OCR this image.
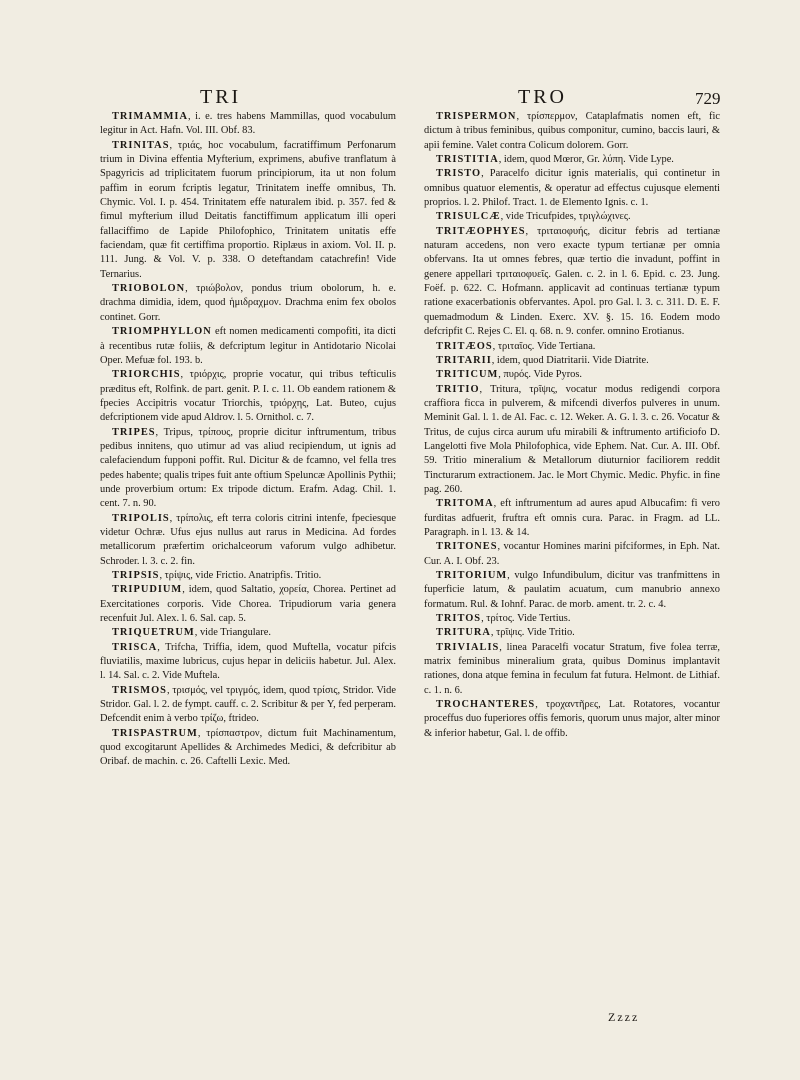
TRI	TRO	729

TRIMAMMIA, i. e. tres habens Mammillas, quod vocabulum legitur in Act. Hafn. Vol. III. Obf. 83.

TRINITAS, τριάς, hoc vocabulum, facratiffimum Perfonarum trium in Divina effentia Myfterium, exprimens, abufive tranflatum à Spagyricis ad triplicitatem fuorum principiorum, ita ut non folum paffim in eorum fcriptis legatur, Trinitatem ineffe omnibus, Th. Chymic. Vol. I. p. 454. Trinitatem effe naturalem ibid. p. 357. fed & fimul myfterium illud Deitatis fanctiffimum applicatum illi operi fallaciffimo de Lapide Philofophico, Trinitatem unitatis effe faciendam, quæ fit certiffima proportio. Riplæus in axiom. Vol. II. p. 111. Jung. & Vol. V. p. 338. O deteftandam catachrefin! Vide Ternarius.

TRIOBOLON, τριώβολον, pondus trium obolorum, h. e. drachma dimidia, idem, quod ἡμιδραχμον. Drachma enim fex obolos continet. Gorr.

TRIOMPHYLLON eft nomen medicamenti compofiti, ita dicti à recentibus rutæ foliis, & defcriptum legitur in Antidotario Nicolai Oper. Mefuæ fol. 193. b.

TRIORCHIS, τριόρχις, proprie vocatur, qui tribus tefticulis præditus eft, Rolfink. de part. genit. P. I. c. 11. Ob eandem rationem & fpecies Accipitris vocatur Triorchis, τριόρχης, Lat. Buteo, cujus defcriptionem vide apud Aldrov. l. 5. Ornithol. c. 7.

TRIPES, Tripus, τρίπους, proprie dicitur inftrumentum, tribus pedibus innitens, quo utimur ad vas aliud recipiendum, ut ignis ad calefaciendum fupponi poffit. Rul. Dicitur & de fcamno, vel fella tres pedes habente; qualis tripes fuit ante oftium Speluncæ Apollinis Pythii; unde proverbium ortum: Ex tripode dictum. Erafm. Adag. Chil. 1. cent. 7. n. 90.

TRIPOLIS, τρίπολις, eft terra coloris citrini intenfe, fpeciesque videtur Ochræ. Ufus ejus nullus aut rarus in Medicina. Ad fordes metallicorum præfertim orichalceorum vaforum vulgo adhibetur. Schroder. l. 3. c. 2. fin.

TRIPSIS, τρίψις, vide Frictio. Anatripfis. Tritio.

TRIPUDIUM, idem, quod Saltatio, χορεία, Chorea. Pertinet ad Exercitationes corporis. Vide Chorea. Tripudiorum varia genera recenfuit Jul. Alex. l. 6. Sal. cap. 5.

TRIQUETRUM, vide Triangulare.

TRISCA, Trifcha, Triffia, idem, quod Muftella, vocatur pifcis fluviatilis, maxime lubricus, cujus hepar in deliciis habetur. Jul. Alex. l. 14. Sal. c. 2. Vide Muftela.

TRISMOS, τρισμός, vel τριγμός, idem, quod τρίσις, Stridor. Vide Stridor. Gal. l. 2. de fympt. cauff. c. 2. Scribitur & per Υ, fed perperam. Defcendit enim à verbo τρίζω, ftrideo.

TRISPASTRUM, τρίσπαστρον, dictum fuit Machinamentum, quod excogitarunt Apellides & Archimedes Medici, & defcribitur ab Oribaf. de machin. c. 26. Caftelli Lexic. Med.

TRISPERMON, τρίσπερμον, Cataplafmatis nomen eft, fic dictum à tribus feminibus, quibus componitur, cumino, baccis lauri, & apii femine. Valet contra Colicum dolorem. Gorr.

TRISTITIA, idem, quod Mœror, Gr. λύπη. Vide Lype.

TRISTO, Paracelfo dicitur ignis materialis, qui continetur in omnibus quatuor elementis, & operatur ad effectus cujusque elementi proprios. l. 2. Philof. Tract. 1. de Elemento Ignis. c. 1.

TRISULCÆ, vide Tricufpides, τριγλώχινες.

TRITÆOPHYES, τριταιοφυής, dicitur febris ad tertianæ naturam accedens, non vero exacte typum tertianæ per omnia obfervans. Ita ut omnes febres, quæ tertio die invadunt, poffint in genere appellari τριταιοφυεῖς. Galen. c. 2. in l. 6. Epid. c. 23. Jung. Foëf. p. 622. C. Hofmann. applicavit ad continuas tertianæ typum ratione exacerbationis obfervantes. Apol. pro Gal. l. 3. c. 311. D. E. F. quemadmodum & Linden. Exerc. XV. §. 15. 16. Eodem modo defcripfit C. Rejes C. El. q. 68. n. 9. confer. omnino Erotianus.

TRITÆOS, τριταῖος. Vide Tertiana.

TRITARII, idem, quod Diatritarii. Vide Diatrite.

TRITICUM, πυρός. Vide Pyros.

TRITIO, Tritura, τρῖψις, vocatur modus redigendi corpora craffiora ficca in pulverem, & mifcendi diverfos pulveres in unum. Meminit Gal. l. 1. de Al. Fac. c. 12. Weker. A. G. l. 3. c. 26. Vocatur & Tritus, de cujus circa aurum ufu mirabili & inftrumento artificiofo D. Langelotti five Mola Philofophica, vide Ephem. Nat. Cur. A. III. Obf. 59. Tritio mineralium & Metallorum diuturnior faciliorem reddit Tincturarum extractionem. Jac. le Mort Chymic. Medic. Phyfic. in fine pag. 260.

TRITOMA, eft inftrumentum ad aures apud Albucafim: fi vero furditas adfuerit, fruftra eft omnis cura. Parac. in Fragm. ad LL. Paragraph. in l. 13. & 14.

TRITONES, vocantur Homines marini pifciformes, in Eph. Nat. Cur. A. I. Obf. 23.

TRITORIUM, vulgo Infundibulum, dicitur vas tranfmittens in fuperficie latum, & paulatim acuatum, cum manubrio annexo formatum. Rul. & Iohnf. Parac. de morb. ament. tr. 2. c. 4.

TRITOS, τρίτος. Vide Tertius.

TRITURA, τρῖψις. Vide Tritio.

TRIVIALIS, linea Paracelfi vocatur Stratum, five folea terræ, matrix feminibus mineralium grata, quibus Dominus implantavit rationes, dona atque femina in feculum fat futura. Helmont. de Lithiaf. c. 1. n. 6.

TROCHANTERES, τροχαντῆρες, Lat. Rotatores, vocantur proceffus duo fuperiores offis femoris, quorum unus major, alter minor & inferior habetur, Gal. l. de offib.

Zzzz
